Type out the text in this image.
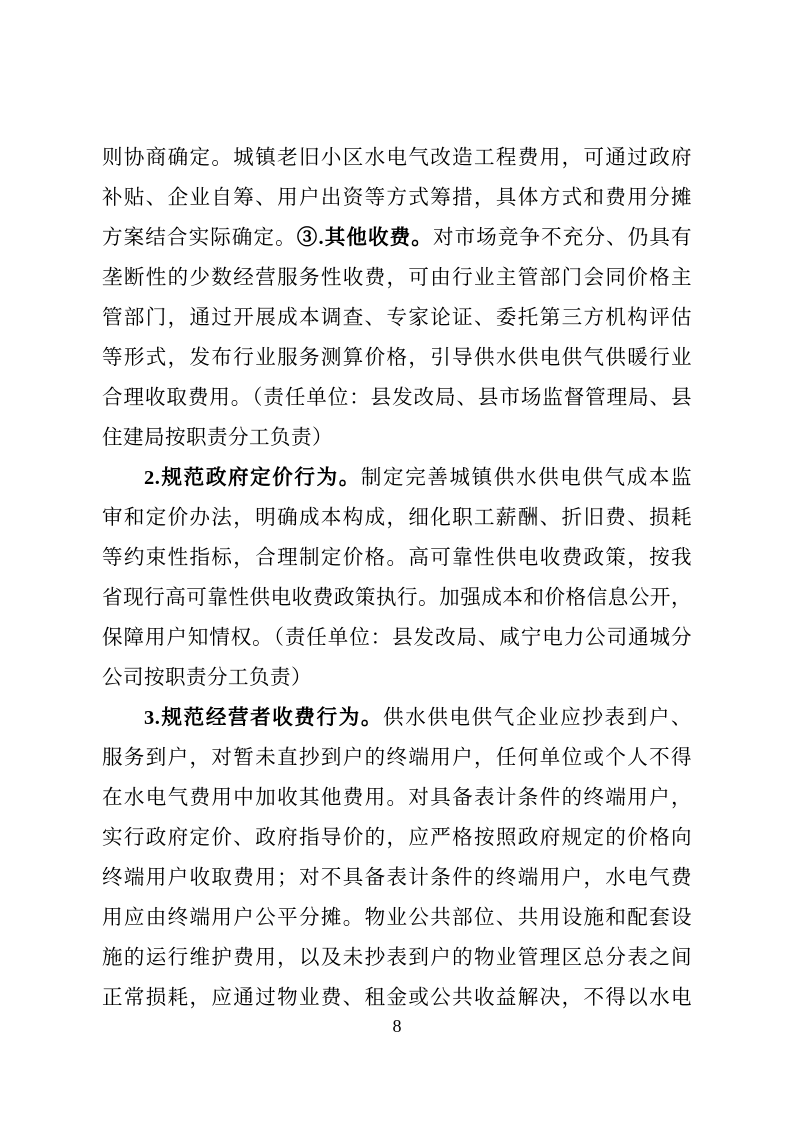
则协商确定。城镇老旧小区水电气改造工程费用，可通过政府
补贴、企业自筹、用户出资等方式筹措，具体方式和费用分摊
方案结合实际确定。③.其他收费。对市场竞争不充分、仍具有
垄断性的少数经营服务性收费，可由行业主管部门会同价格主
管部门，通过开展成本调查、专家论证、委托第三方机构评估
等形式，发布行业服务测算价格，引导供水供电供气供暖行业
合理收取费用。（责任单位：县发改局、县市场监督管理局、县
住建局按职责分工负责）
2.规范政府定价行为。制定完善城镇供水供电供气成本监
审和定价办法，明确成本构成，细化职工薪酬、折旧费、损耗
等约束性指标，合理制定价格。高可靠性供电收费政策，按我
省现行高可靠性供电收费政策执行。加强成本和价格信息公开，
保障用户知情权。（责任单位：县发改局、咸宁电力公司通城分
公司按职责分工负责）
3.规范经营者收费行为。供水供电供气企业应抄表到户、
服务到户，对暂未直抄到户的终端用户，任何单位或个人不得
在水电气费用中加收其他费用。对具备表计条件的终端用户，
实行政府定价、政府指导价的，应严格按照政府规定的价格向
终端用户收取费用；对不具备表计条件的终端用户，水电气费
用应由终端用户公平分摊。物业公共部位、共用设施和配套设
施的运行维护费用，以及未抄表到户的物业管理区总分表之间
正常损耗，应通过物业费、租金或公共收益解决，不得以水电
8
